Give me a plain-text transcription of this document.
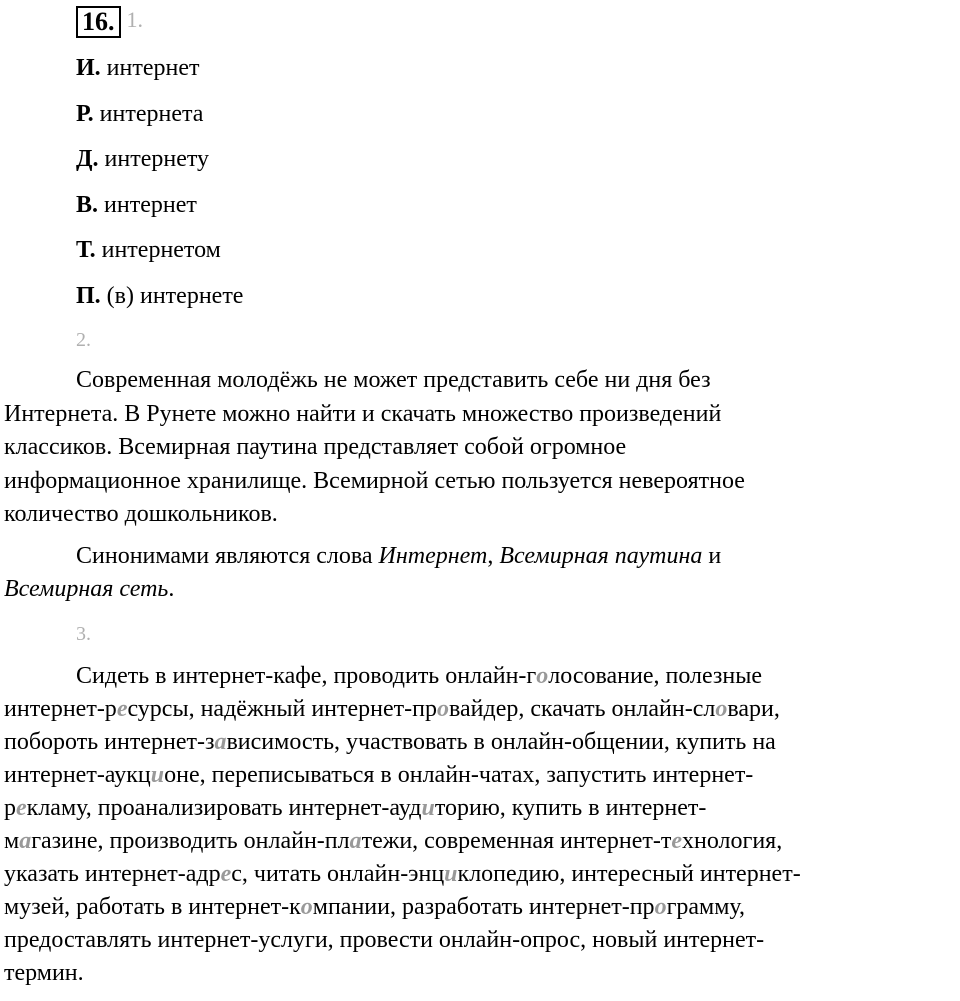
16. 1.
И. интернет
Р. интернета
Д. интернету
В. интернет
Т. интернетом
П. (в) интернете
2.
Современная молодёжь не может представить себе ни дня без
Интернета. В Рунете можно найти и скачать множество произведений
классиков. Всемирная паутина представляет собой огромное
информационное хранилище. Всемирной сетью пользуется невероятное
количество дошкольников.
Синонимами являются слова Интернет, Всемирная паутина и
Всемирная сеть.
3.
Сидеть в интернет-кафе, проводить онлайн-голосование, полезные
интернет-ресурсы, надёжный интернет-провайдер, скачать онлайн-словари,
побороть интернет-зависимость, участвовать в онлайн-общении, купить на
интернет-аукционе, переписываться в онлайн-чатах, запустить интернет-
рекламу, проанализировать интернет-аудиторию, купить в интернет-
магазине, производить онлайн-платежи, современная интернет-технология,
указать интернет-адрес, читать онлайн-энциклопедию, интересный интернет-
музей, работать в интернет-компании, разработать интернет-программу,
предоставлять интернет-услуги, провести онлайн-опрос, новый интернет-
термин.
